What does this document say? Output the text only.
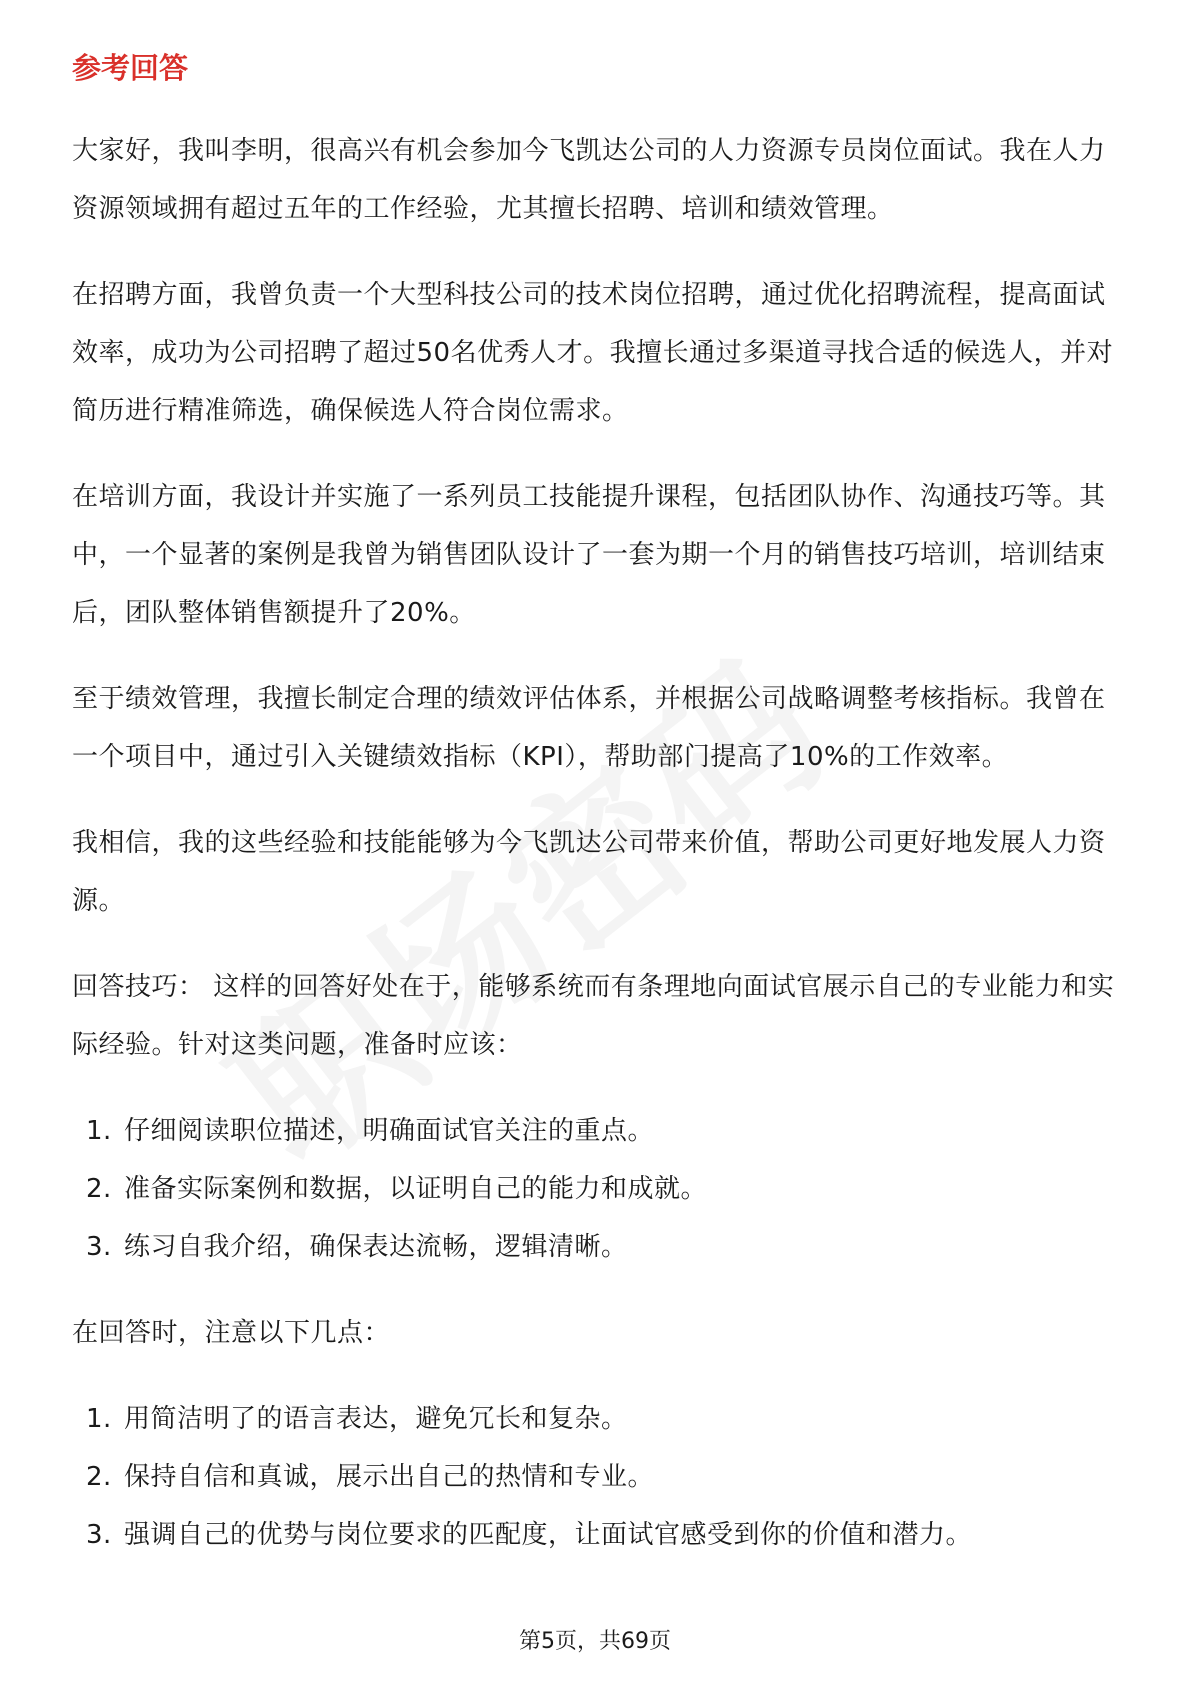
参考回答

大家好，我叫李明，很高兴有机会参加今飞凯达公司的人力资源专员岗位面试。我在人力资源领域拥有超过五年的工作经验，尤其擅长招聘、培训和绩效管理。

在招聘方面，我曾负责一个大型科技公司的技术岗位招聘，通过优化招聘流程，提高面试效率，成功为公司招聘了超过50名优秀人才。我擅长通过多渠道寻找合适的候选人，并对简历进行精准筛选，确保候选人符合岗位需求。

在培训方面，我设计并实施了一系列员工技能提升课程，包括团队协作、沟通技巧等。其中，一个显著的案例是我曾为销售团队设计了一套为期一个月的销售技巧培训，培训结束后，团队整体销售额提升了20%。

至于绩效管理，我擅长制定合理的绩效评估体系，并根据公司战略调整考核指标。我曾在一个项目中，通过引入关键绩效指标（KPI），帮助部门提高了10%的工作效率。

我相信，我的这些经验和技能能够为今飞凯达公司带来价值，帮助公司更好地发展人力资源。

回答技巧： 这样的回答好处在于，能够系统而有条理地向面试官展示自己的专业能力和实际经验。针对这类问题，准备时应该：

1. 仔细阅读职位描述，明确面试官关注的重点。
2. 准备实际案例和数据，以证明自己的能力和成就。
3. 练习自我介绍，确保表达流畅，逻辑清晰。

在回答时，注意以下几点：

1. 用简洁明了的语言表达，避免冗长和复杂。
2. 保持自信和真诚，展示出自己的热情和专业。
3. 强调自己的优势与岗位要求的匹配度，让面试官感受到你的价值和潜力。
第5页，共69页
